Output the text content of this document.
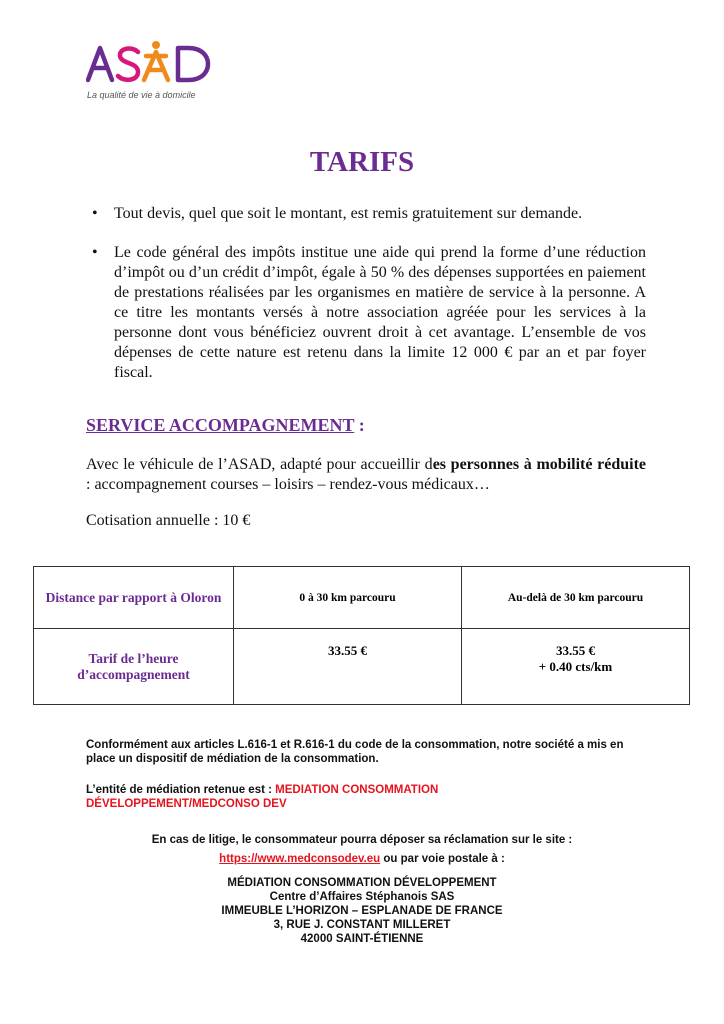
La qualité de vie à domicile
TARIFS
• Tout devis, quel que soit le montant, est remis gratuitement sur demande.
• Le code général des impôts institue une aide qui prend la forme d’une réduction d’impôt ou d’un crédit d’impôt, égale à 50 % des dépenses supportées en paiement de prestations réalisées par les organismes en matière de service à la personne. A ce titre les montants versés à notre association agréée pour les services à la personne dont vous bénéficiez ouvrent droit à cet avantage. L’ensemble de vos dépenses de cette nature est retenu dans la limite 12 000 € par an et par foyer fiscal.
SERVICE ACCOMPAGNEMENT :
Avec le véhicule de l’ASAD, adapté pour accueillir des personnes à mobilité réduite : accompagnement courses – loisirs – rendez-vous médicaux…
Cotisation annuelle : 10 €
Distance par rapport à Oloron	0 à 30 km parcouru	Au-delà de 30 km parcouru

Tarif de l’heure
d’accompagnement	33.55 €	33.55 €
+ 0.40 cts/km
Conformément aux articles L.616-1 et R.616-1 du code de la consommation, notre société a mis en place un dispositif de médiation de la consommation.
L’entité de médiation retenue est : MEDIATION CONSOMMATION
DÉVELOPPEMENT/MEDCONSO DEV
En cas de litige, le consommateur pourra déposer sa réclamation sur le site :
https://www.medconsodev.eu ou par voie postale à :
MÉDIATION CONSOMMATION DÉVELOPPEMENT
Centre d’Affaires Stéphanois SAS
IMMEUBLE L’HORIZON – ESPLANADE DE FRANCE
3, RUE J. CONSTANT MILLERET
42000 SAINT-ÉTIENNE
